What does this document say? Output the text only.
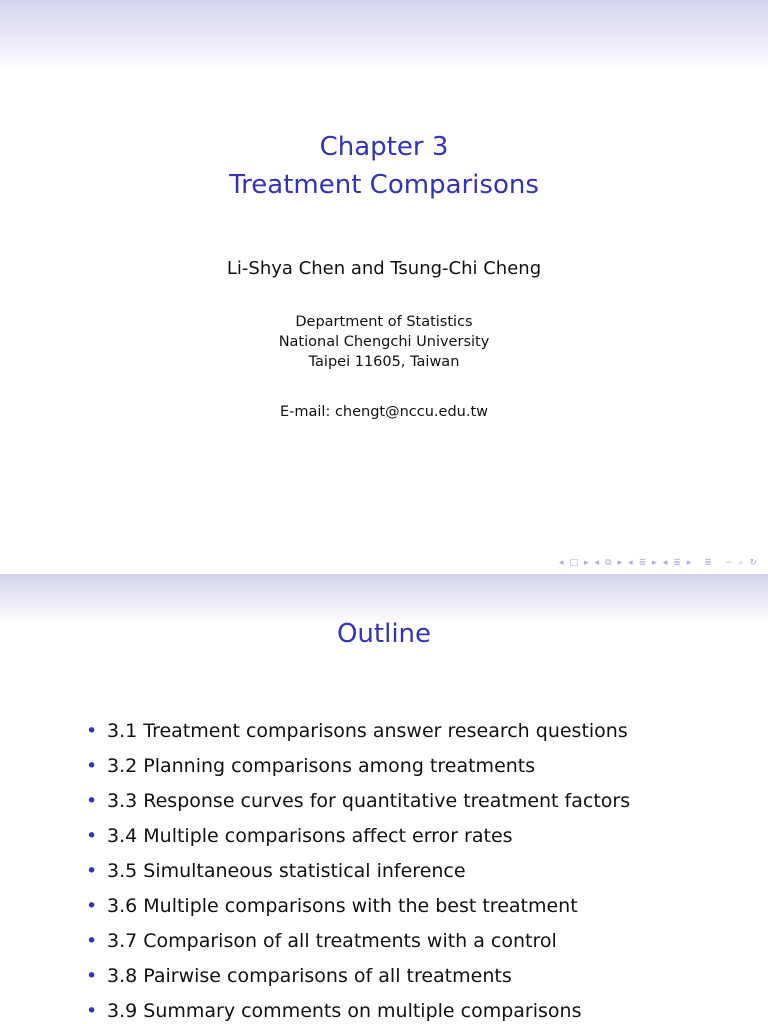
Chapter 3
Treatment Comparisons
Li-Shya Chen and Tsung-Chi Cheng
Department of Statistics
National Chengchi University
Taipei 11605, Taiwan
E-mail: chengt@nccu.edu.tw
◂ □ ▸ ◂ ⧉ ▸ ◂ ≣ ▸ ◂ ≣ ▸ ≣ ∽ ⌕ ↻
Outline
• 3.1 Treatment comparisons answer research questions
• 3.2 Planning comparisons among treatments
• 3.3 Response curves for quantitative treatment factors
• 3.4 Multiple comparisons affect error rates
• 3.5 Simultaneous statistical inference
• 3.6 Multiple comparisons with the best treatment
• 3.7 Comparison of all treatments with a control
• 3.8 Pairwise comparisons of all treatments
• 3.9 Summary comments on multiple comparisons
